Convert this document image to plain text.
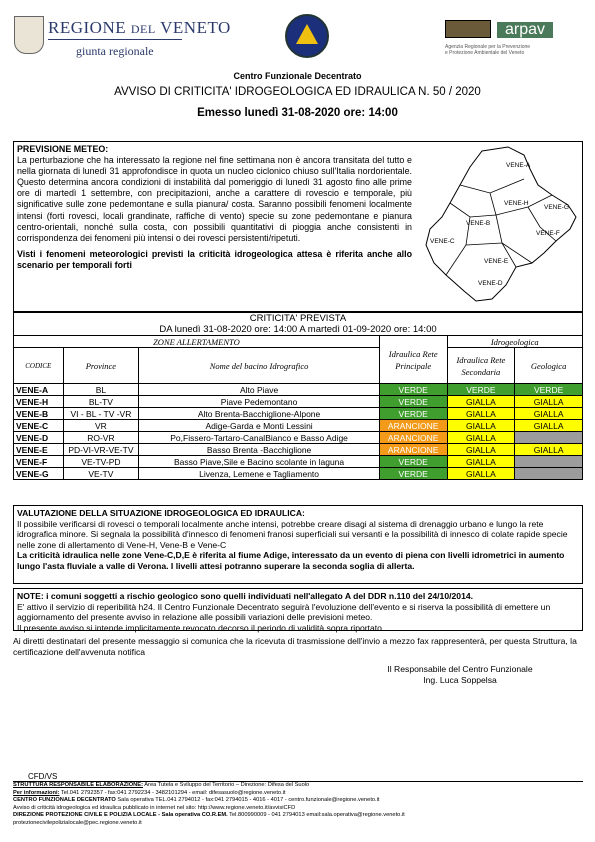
REGIONE DEL VENETO
giunta regionale
arpav
Agenzia Regionale per la Prevenzione
e Protezione Ambientale del Veneto
Centro Funzionale Decentrato
AVVISO DI CRITICITA' IDROGEOLOGICA ED IDRAULICA N. 50 / 2020
Emesso lunedì 31-08-2020 ore: 14:00
PREVISIONE METEO:
La perturbazione che ha interessato la regione nel fine settimana non è ancora transitata del tutto e nella giornata di lunedì 31 approfondisce in quota un nucleo ciclonico chiuso sull'Italia nordorientale. Questo determina ancora condizioni di instabilità dal pomeriggio di lunedì 31 agosto fino alle prime ore di martedì 1 settembre, con precipitazioni, anche a carattere di rovescio e temporale, più significative sulle zone pedemontane e sulla pianura/ costa. Saranno possibili fenomeni localmente intensi (forti rovesci, locali grandinate, raffiche di vento) specie su zone pedemontane e pianura centro-orientali, nonché sulla costa, con possibili quantitativi di pioggia anche consistenti in corrispondenza dei fenomeni più intensi o dei rovesci persistenti/ripetuti.
Visti i fenomeni meteorologici previsti la criticità idrogeologica attesa è riferita anche allo scenario per temporali forti
VENE-A
VENE-H
VENE-B
VENE-G
VENE-C
VENE-F
VENE-E
VENE-D
CRITICITA' PREVISTA					
DA lunedì 31-08-2020 ore: 14:00 A martedì 01-09-2020 ore: 14:00					
ZONE ALLERTAMENTO			Idraulica Rete Principale	Idrogeologica	
CODICE	Province	Nome del bacino Idrografico		Idraulica Rete Secondaria	Geologica
VENE-A	BL	Alto Piave	VERDE	VERDE	VERDE
VENE-H	BL-TV	Piave Pedemontano	VERDE	GIALLA	GIALLA
VENE-B	VI - BL - TV -VR	Alto Brenta-Bacchiglione-Alpone	VERDE	GIALLA	GIALLA
VENE-C	VR	Adige-Garda e Monti Lessini	ARANCIONE	GIALLA	GIALLA
VENE-D	RO-VR	Po,Fissero-Tartaro-CanalBianco e Basso Adige	ARANCIONE	GIALLA	
VENE-E	PD-VI-VR-VE-TV	Basso Brenta -Bacchiglione	ARANCIONE	GIALLA	GIALLA
VENE-F	VE-TV-PD	Basso Piave,Sile e Bacino scolante in laguna	VERDE	GIALLA	
VENE-G	VE-TV	Livenza, Lemene e Tagliamento	VERDE	GIALLA	
VALUTAZIONE DELLA SITUAZIONE IDROGEOLOGICA ED IDRAULICA:
Il possibile verificarsi di rovesci o temporali localmente anche intensi, potrebbe creare disagi al sistema di drenaggio urbano e lungo la rete idrografica minore. Si segnala la possibilità d'innesco di fenomeni franosi superficiali sui versanti e la possibilità di innesco di colate rapide specie nelle zone di allertamento di Vene-H, Vene-B e Vene-C
La criticità idraulica nelle zone Vene-C,D,E è riferita al fiume Adige, interessato da un evento di piena con livelli idrometrici in aumento lungo l'asta fluviale a valle di Verona. I livelli attesi potranno superare la seconda soglia di allerta.
NOTE: i comuni soggetti a rischio geologico sono quelli individuati nell'allegato A del DDR n.110 del 24/10/2014.
E' attivo il servizio di reperibilità h24. Il Centro Funzionale Decentrato seguirà l'evoluzione dell'evento e si riserva la possibilità di emettere un aggiornamento del presente avviso in relazione alle possibili variazioni delle previsioni meteo.
Il presente avviso si intende implicitamente revocato decorso il periodo di validità sopra riportato.
Ai diretti destinatari del presente messaggio si comunica che la ricevuta di trasmissione dell'invio a mezzo fax rappresenterà, per questa Struttura, la certificazione dell'avvenuta notifica
Il Responsabile del Centro Funzionale
Ing. Luca Soppelsa
CFD/VS
STRUTTURA RESPONSABILE ELABORAZIONE: Area Tutela e Sviluppo del Territorio – Direzione: Difesa del Suolo
Per informazioni: Tel.041 2792357 - fax:041 2792234 - 3482101294 - email: difesasuolo@regione.veneto.it
CENTRO FUNZIONALE DECENTRATO Sala operativa TEL.041 2794012 - fax:041 2794015 - 4016 - 4017 - centro.funzionale@regione.veneto.it
Avviso di criticità idrogeologica ed idraulica pubblicato in internet nel sito: http://www.regione.veneto.it/avvisiCFD
DIREZIONE PROTEZIONE CIVILE E POLIZIA LOCALE - Sala operativa CO.R.EM. Tel.800990009 - 041 2794013 email:sala.operativa@regione.veneto.it
protezionecivilepolizialocale@pec.regione.veneto.it
